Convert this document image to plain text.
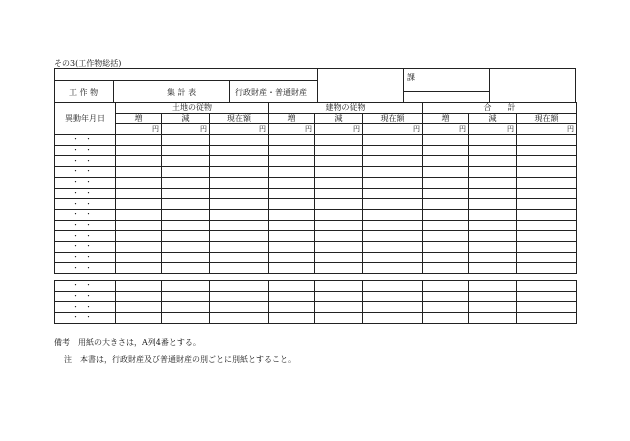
その3(工作物総括)
工 作 物	集 計 表	行政財産・普通財産
課
異動年月日	土地の従物			建物の従物			合　　計		
	増	減	現在額	増	減	現在額	増	減	現在額
	円	円	円	円	円	円	円	円	円
・・									
・・									
・・									
・・									
・・									
・・									
・・									
・・									
・・									
・・									
・・									
・・									
・・									

・・									
・・									
・・									
・・									
備考　用紙の大きさは，A列4番とする。
注　本書は，行政財産及び普通財産の別ごとに別紙とすること。
